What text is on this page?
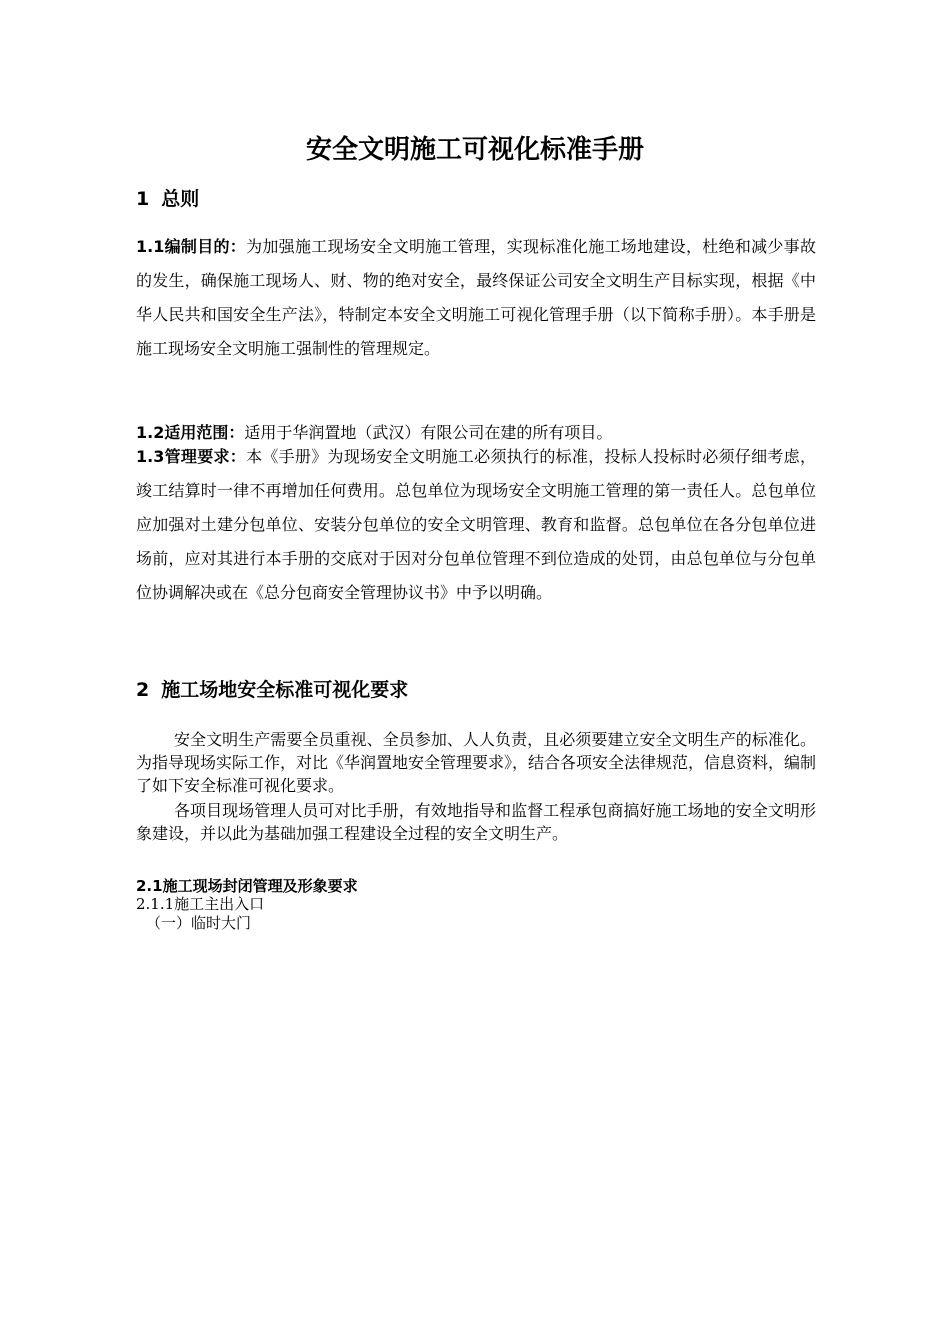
安全文明施工可视化标准手册
1 总则
1.1编制目的：为加强施工现场安全文明施工管理，实现标准化施工场地建设，杜绝和减少事故的发生，确保施工现场人、财、物的绝对安全，最终保证公司安全文明生产目标实现，根据《中华人民共和国安全生产法》，特制定本安全文明施工可视化管理手册（以下简称手册）。本手册是施工现场安全文明施工强制性的管理规定。
1.2适用范围：适用于华润置地（武汉）有限公司在建的所有项目。
1.3管理要求：本《手册》为现场安全文明施工必须执行的标准，投标人投标时必须仔细考虑，竣工结算时一律不再增加任何费用。总包单位为现场安全文明施工管理的第一责任人。总包单位应加强对土建分包单位、安装分包单位的安全文明管理、教育和监督。总包单位在各分包单位进场前，应对其进行本手册的交底对于因对分包单位管理不到位造成的处罚，由总包单位与分包单位协调解决或在《总分包商安全管理协议书》中予以明确。
2 施工场地安全标准可视化要求
安全文明生产需要全员重视、全员参加、人人负责，且必须要建立安全文明生产的标准化。为指导现场实际工作，对比《华润置地安全管理要求》，结合各项安全法律规范，信息资料，编制了如下安全标准可视化要求。
各项目现场管理人员可对比手册，有效地指导和监督工程承包商搞好施工场地的安全文明形象建设，并以此为基础加强工程建设全过程的安全文明生产。
2.1施工现场封闭管理及形象要求
2.1.1施工主出入口
（一）临时大门
